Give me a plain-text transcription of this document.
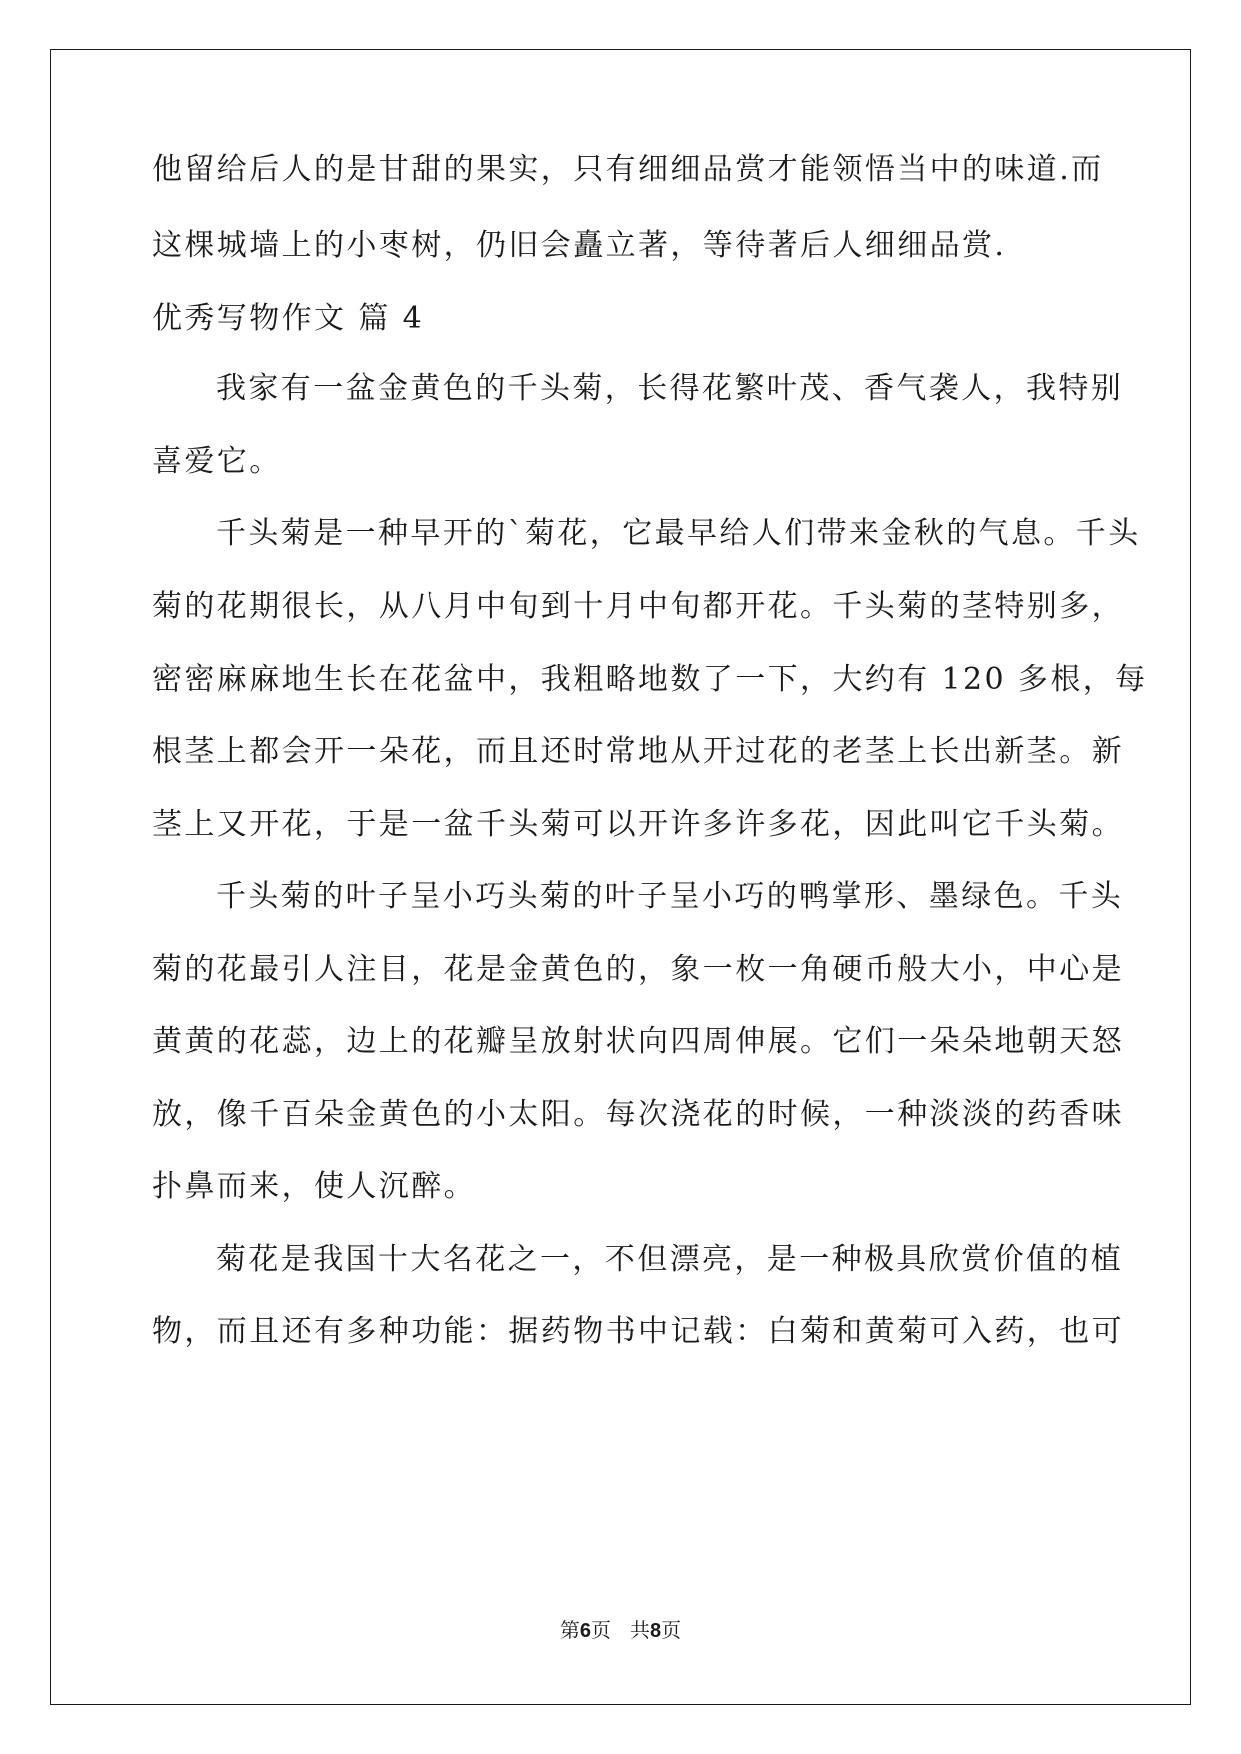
他留给后人的是甘甜的果实，只有细细品赏才能领悟当中的味道.而
这棵城墙上的小枣树，仍旧会矗立著，等待著后人细细品赏.
优秀写物作文 篇 4
我家有一盆金黄色的千头菊，长得花繁叶茂、香气袭人，我特别
喜爱它。
千头菊是一种早开的`菊花，它最早给人们带来金秋的气息。千头
菊的花期很长，从八月中旬到十月中旬都开花。千头菊的茎特别多，
密密麻麻地生长在花盆中，我粗略地数了一下，大约有 120 多根，每
根茎上都会开一朵花，而且还时常地从开过花的老茎上长出新茎。新
茎上又开花，于是一盆千头菊可以开许多许多花，因此叫它千头菊。
千头菊的叶子呈小巧头菊的叶子呈小巧的鸭掌形、墨绿色。千头
菊的花最引人注目，花是金黄色的，象一枚一角硬币般大小，中心是
黄黄的花蕊，边上的花瓣呈放射状向四周伸展。它们一朵朵地朝天怒
放，像千百朵金黄色的小太阳。每次浇花的时候，一种淡淡的药香味
扑鼻而来，使人沉醉。
菊花是我国十大名花之一，不但漂亮，是一种极具欣赏价值的植
物，而且还有多种功能：据药物书中记载：白菊和黄菊可入药，也可
第6页   共8页
